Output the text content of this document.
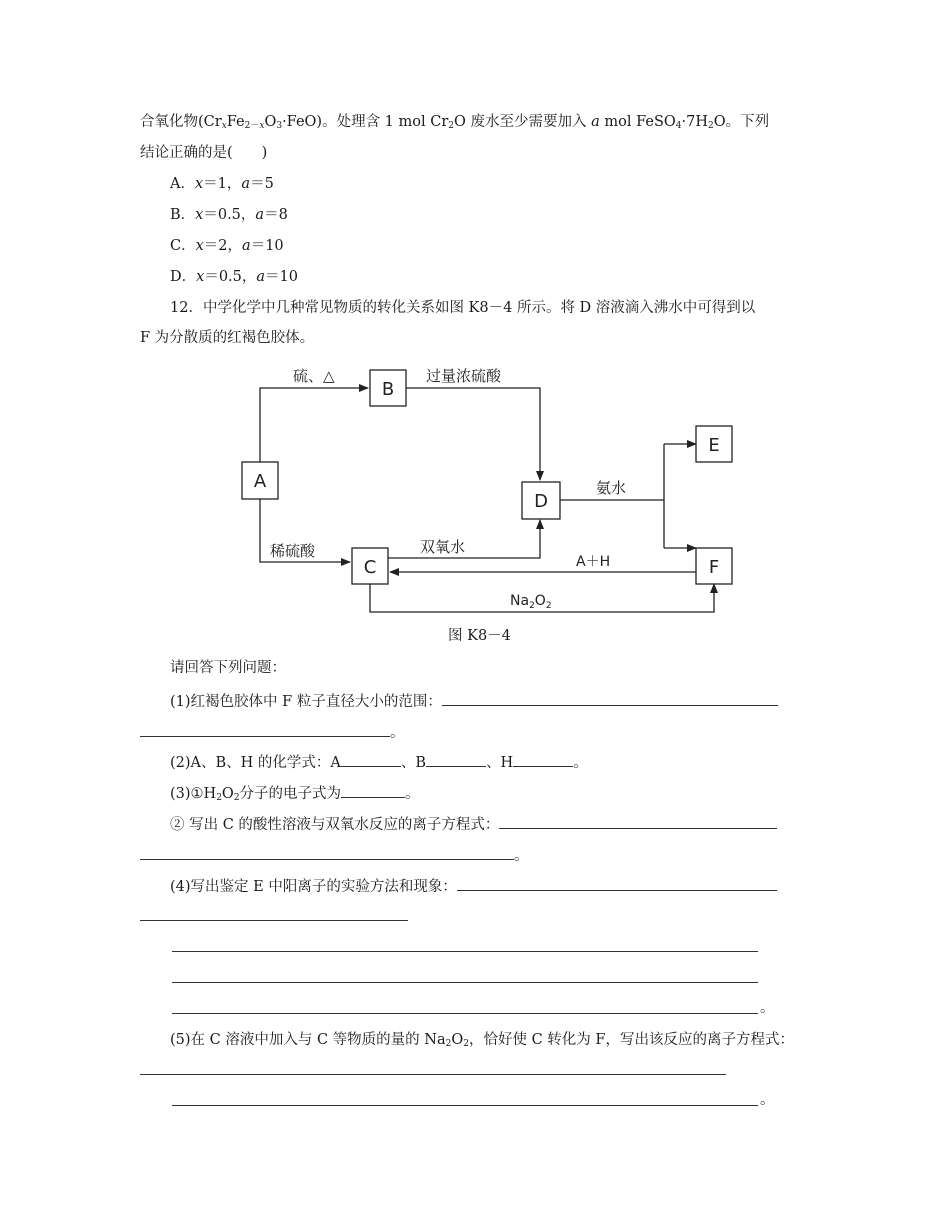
合氧化物$(Cr_xFe_{2-x}O_3\cdot FeO)$。处理含 1 mol $Cr_2O$ 废水至少需要加入 a mol $FeSO_4\cdot 7H_2O$。下列
结论正确的是(　　)
A．x＝1，a＝5
B．x＝0.5，a＝8
C．x＝2，a＝10
D．x＝0.5，a＝10
12．中学化学中几种常见物质的转化关系如图 K8－4 所示。将 D 溶液滴入沸水中可得到以
F 为分散质的红褐色胶体。
A
B
C
D
E
F
硫、△	过量浓硫酸
稀硫酸	双氧水
氨水
A＋H
$Na_2O_2$
图 K8－4
请回答下列问题：
(1)红褐色胶体中 F 粒子直径大小的范围：
。
(2)A、B、H 的化学式：A	、B	、H	。
$(3)①H_2O_2$分子的电子式为	。
② 写出 C 的酸性溶液与双氧水反应的离子方程式：
。
(4)写出鉴定 E 中阳离子的实验方法和现象：
。
(5)在 C 溶液中加入与 C 等物质的量的 $Na_2O_2$，恰好使 C 转化为 F，写出该反应的离子方程式：
。
